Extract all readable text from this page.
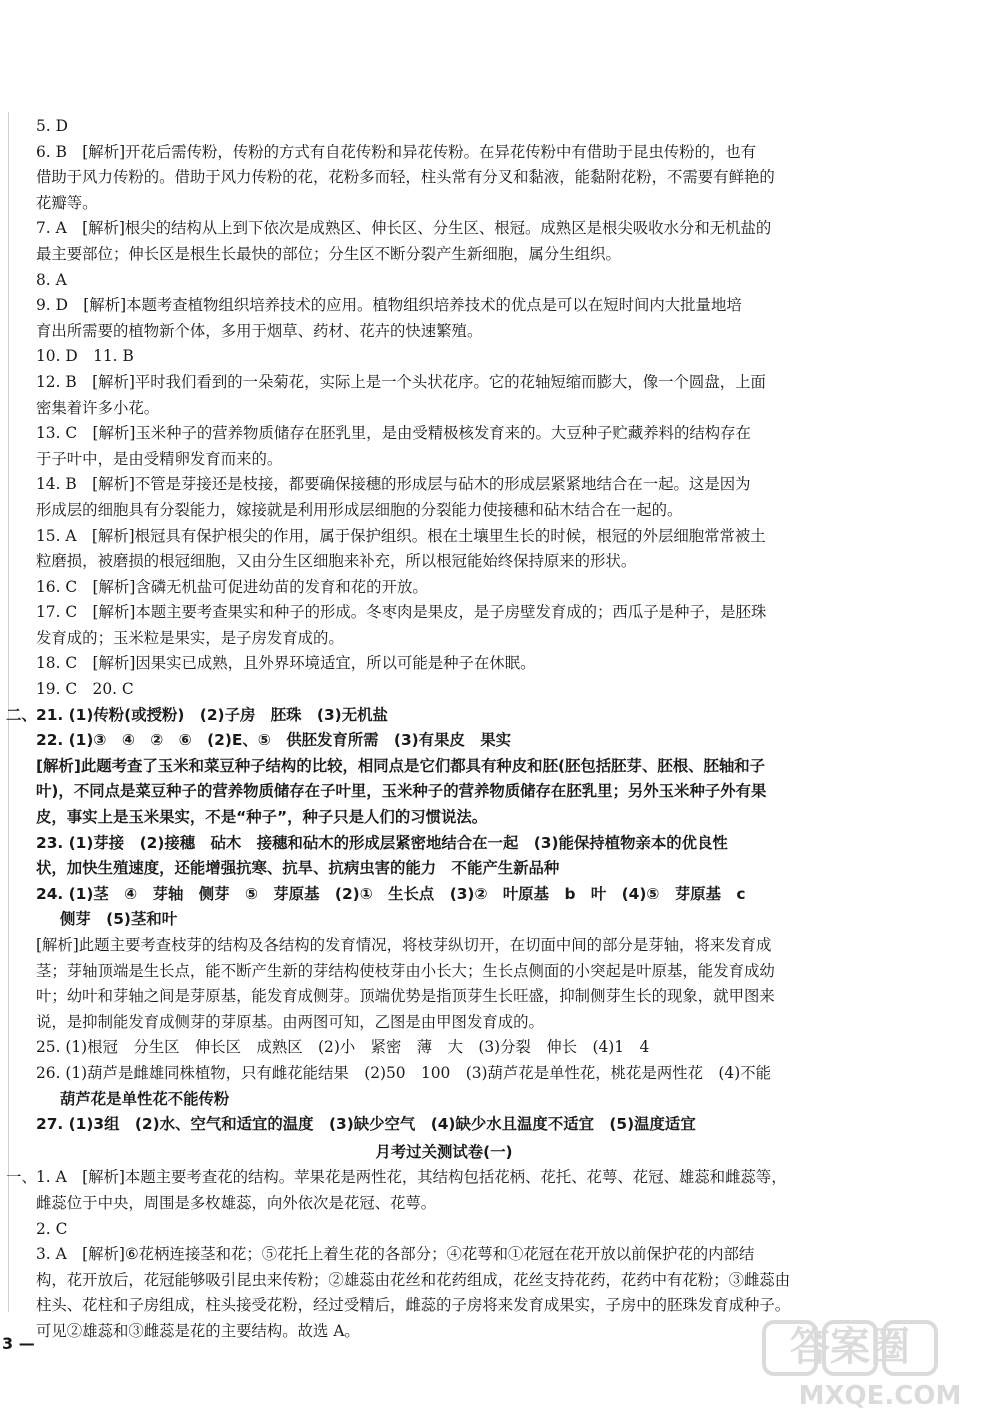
5. D

6. B　[解析]开花后需传粉，传粉的方式有自花传粉和异花传粉。在异花传粉中有借助于昆虫传粉的，也有

借助于风力传粉的。借助于风力传粉的花，花粉多而轻，柱头常有分叉和黏液，能黏附花粉，不需要有鲜艳的

花瓣等。

7. A　[解析]根尖的结构从上到下依次是成熟区、伸长区、分生区、根冠。成熟区是根尖吸收水分和无机盐的

最主要部位；伸长区是根生长最快的部位；分生区不断分裂产生新细胞，属分生组织。

8. A

9. D　[解析]本题考查植物组织培养技术的应用。植物组织培养技术的优点是可以在短时间内大批量地培

育出所需要的植物新个体，多用于烟草、药材、花卉的快速繁殖。

10. D　11. B

12. B　[解析]平时我们看到的一朵菊花，实际上是一个头状花序。它的花轴短缩而膨大，像一个圆盘，上面

密集着许多小花。

13. C　[解析]玉米种子的营养物质储存在胚乳里，是由受精极核发育来的。大豆种子贮藏养料的结构存在

于子叶中，是由受精卵发育而来的。

14. B　[解析]不管是芽接还是枝接，都要确保接穗的形成层与砧木的形成层紧紧地结合在一起。这是因为

形成层的细胞具有分裂能力，嫁接就是利用形成层细胞的分裂能力使接穗和砧木结合在一起的。

15. A　[解析]根冠具有保护根尖的作用，属于保护组织。根在土壤里生长的时候，根冠的外层细胞常常被土

粒磨损，被磨损的根冠细胞，又由分生区细胞来补充，所以根冠能始终保持原来的形状。

16. C　[解析]含磷无机盐可促进幼苗的发育和花的开放。

17. C　[解析]本题主要考查果实和种子的形成。冬枣肉是果皮，是子房壁发育成的；西瓜子是种子，是胚珠

发育成的；玉米粒是果实，是子房发育成的。

18. C　[解析]因果实已成熟，且外界环境适宜，所以可能是种子在休眠。

19. C　20. C

二、 21. (1)传粉(或授粉)　(2)子房　胚珠　(3)无机盐

22. (1)③　④　②　⑥　(2)E、⑤　供胚发育所需　(3)有果皮　果实

[解析]此题考查了玉米和菜豆种子结构的比较，相同点是它们都具有种皮和胚(胚包括胚芽、胚根、胚轴和子

叶)，不同点是菜豆种子的营养物质储存在子叶里，玉米种子的营养物质储存在胚乳里；另外玉米种子外有果

皮，事实上是玉米果实，不是“种子”，种子只是人们的习惯说法。

23. (1)芽接　(2)接穗　砧木　接穗和砧木的形成层紧密地结合在一起　(3)能保持植物亲本的优良性

状，加快生殖速度，还能增强抗寒、抗旱、抗病虫害的能力　不能产生新品种

24. (1)茎　④　芽轴　侧芽　⑤　芽原基　(2)①　生长点　(3)②　叶原基　b　叶　(4)⑤　芽原基　c

侧芽　(5)茎和叶

[解析]此题主要考查枝芽的结构及各结构的发育情况，将枝芽纵切开，在切面中间的部分是芽轴，将来发育成

茎；芽轴顶端是生长点，能不断产生新的芽结构使枝芽由小长大；生长点侧面的小突起是叶原基，能发育成幼

叶；幼叶和芽轴之间是芽原基，能发育成侧芽。顶端优势是指顶芽生长旺盛，抑制侧芽生长的现象，就甲图来

说，是抑制能发育成侧芽的芽原基。由两图可知，乙图是由甲图发育成的。

25. (1)根冠　分生区　伸长区　成熟区　(2)小　紧密　薄　大　(3)分裂　伸长　(4)1　4

26. (1)葫芦是雌雄同株植物，只有雌花能结果　(2)50　100　(3)葫芦花是单性花，桃花是两性花　(4)不能

葫芦花是单性花不能传粉

27. (1)3组　(2)水、空气和适宜的温度　(3)缺少空气　(4)缺少水且温度不适宜　(5)温度适宜

月考过关测试卷(一)

一、 1. A　[解析]本题主要考查花的结构。苹果花是两性花，其结构包括花柄、花托、花萼、花冠、雄蕊和雌蕊等，

雌蕊位于中央，周围是多枚雄蕊，向外依次是花冠、花萼。

2. C

3. A　[解析]⑥花柄连接茎和花；⑤花托上着生花的各部分；④花萼和①花冠在花开放以前保护花的内部结

构，花开放后，花冠能够吸引昆虫来传粉；②雄蕊由花丝和花药组成，花丝支持花药，花药中有花粉；③雌蕊由

柱头、花柱和子房组成，柱头接受花粉，经过受精后，雌蕊的子房将来发育成果实，子房中的胚珠发育成种子。

可见②雄蕊和③雌蕊是花的主要结构。故选 A。

3 —	答案圈
MXQE.COM
